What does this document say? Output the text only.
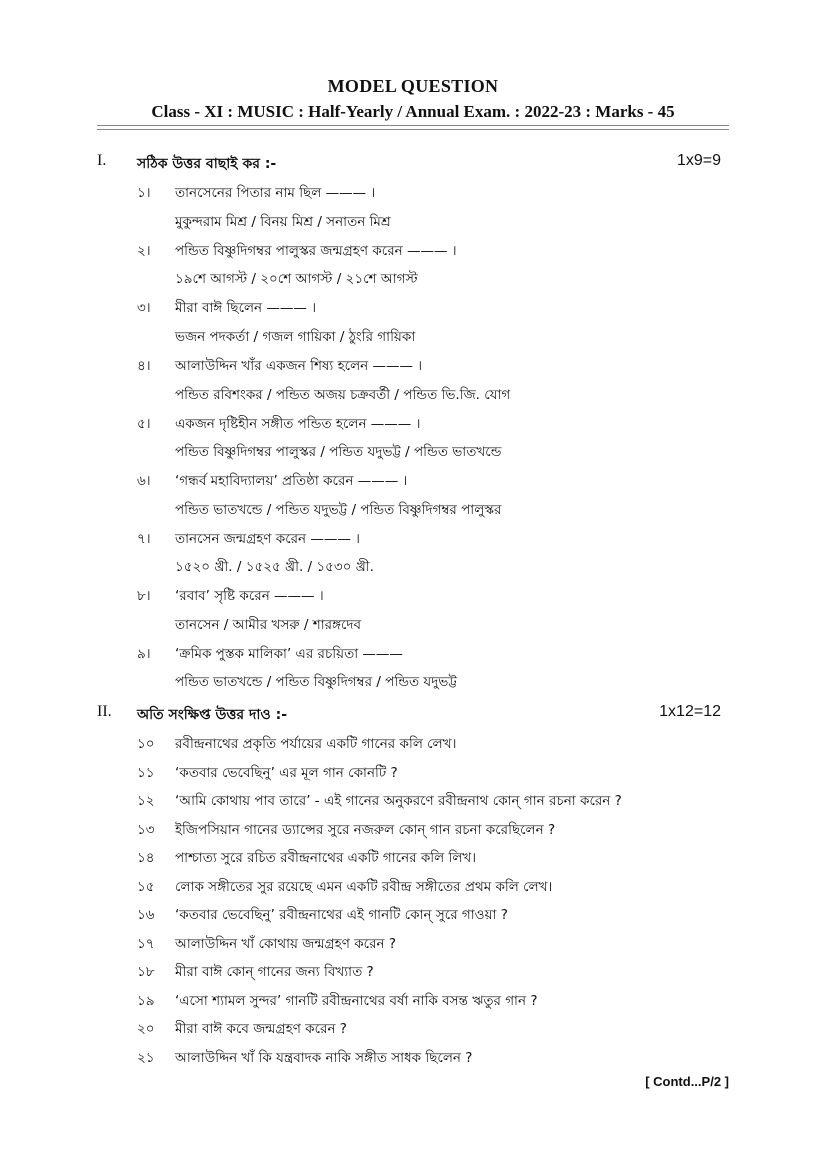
MODEL QUESTION
Class - XI : MUSIC : Half-Yearly / Annual Exam. : 2022-23 : Marks - 45
I. সঠিক উত্তর বাছাই কর :-	1x9=9
১। তানসেনের পিতার নাম ছিল ——— ।
মুকুন্দরাম মিশ্র / বিনয় মিশ্র / সনাতন মিশ্র
২। পন্ডিত বিষ্ণুদিগম্বর পালুস্কর জন্মগ্রহণ করেন ——— ।
১৯শে আগস্ট / ২০শে আগস্ট / ২১শে আগস্ট
৩। মীরা বাঈ ছিলেন ——— ।
ভজন পদকর্তা / গজল গায়িকা / ঠুংরি গায়িকা
৪। আলাউদ্দিন খাঁর একজন শিষ্য হলেন ——— ।
পন্ডিত রবিশংকর / পন্ডিত অজয় চক্রবর্তী / পন্ডিত ভি.জি. যোগ
৫। একজন দৃষ্টিহীন সঙ্গীত পন্ডিত হলেন ——— ।
পন্ডিত বিষ্ণুদিগম্বর পালুস্কর / পন্ডিত যদুভট্ট / পন্ডিত ভাতখন্ডে
৬। ‘গন্ধর্ব মহাবিদ্যালয়’ প্রতিষ্ঠা করেন ——— ।
পন্ডিত ভাতখন্ডে / পন্ডিত যদুভট্ট / পন্ডিত বিষ্ণুদিগম্বর পালুস্কর
৭। তানসেন জন্মগ্রহণ করেন ——— ।
১৫২০ খ্রী. / ১৫২৫ খ্রী. / ১৫৩০ খ্রী.
৮। ‘রবাব’ সৃষ্টি করেন ——— ।
তানসেন / আমীর খসরু / শারঙ্গদেব
৯। ‘ক্রমিক পুস্তক মালিকা’ এর রচয়িতা ———
পন্ডিত ভাতখন্ডে / পন্ডিত বিষ্ণুদিগম্বর / পন্ডিত যদুভট্ট
II. অতি সংক্ষিপ্ত উত্তর দাও :-	1x12=12
১০ রবীন্দ্রনাথের প্রকৃতি পর্যায়ের একটি গানের কলি লেখ।
১১ ‘কতবার ভেবেছিনু’ এর মূল গান কোনটি ?
১২ ‘আমি কোথায় পাব তারে’ - এই গানের অনুকরণে রবীন্দ্রনাথ কোন্ গান রচনা করেন ?
১৩ ইজিপসিয়ান গানের ড্যান্সের সুরে নজরুল কোন্ গান রচনা করেছিলেন ?
১৪ পাশ্চাত্য সুরে রচিত রবীন্দ্রনাথের একটি গানের কলি লিখ।
১৫ লোক সঙ্গীতের সুর রয়েছে এমন একটি রবীন্দ্র সঙ্গীতের প্রথম কলি লেখ।
১৬ ‘কতবার ভেবেছিনু’ রবীন্দ্রনাথের এই গানটি কোন্ সুরে গাওয়া ?
১৭ আলাউদ্দিন খাঁ কোথায় জন্মগ্রহণ করেন ?
১৮ মীরা বাঈ কোন্ গানের জন্য বিখ্যাত ?
১৯ ‘এসো শ্যামল সুন্দর’ গানটি রবীন্দ্রনাথের বর্ষা নাকি বসন্ত ঋতুর গান ?
২০ মীরা বাঈ কবে জন্মগ্রহণ করেন ?
২১ আলাউদ্দিন খাঁ কি যন্ত্রবাদক নাকি সঙ্গীত সাধক ছিলেন ?
[ Contd...P/2 ]
